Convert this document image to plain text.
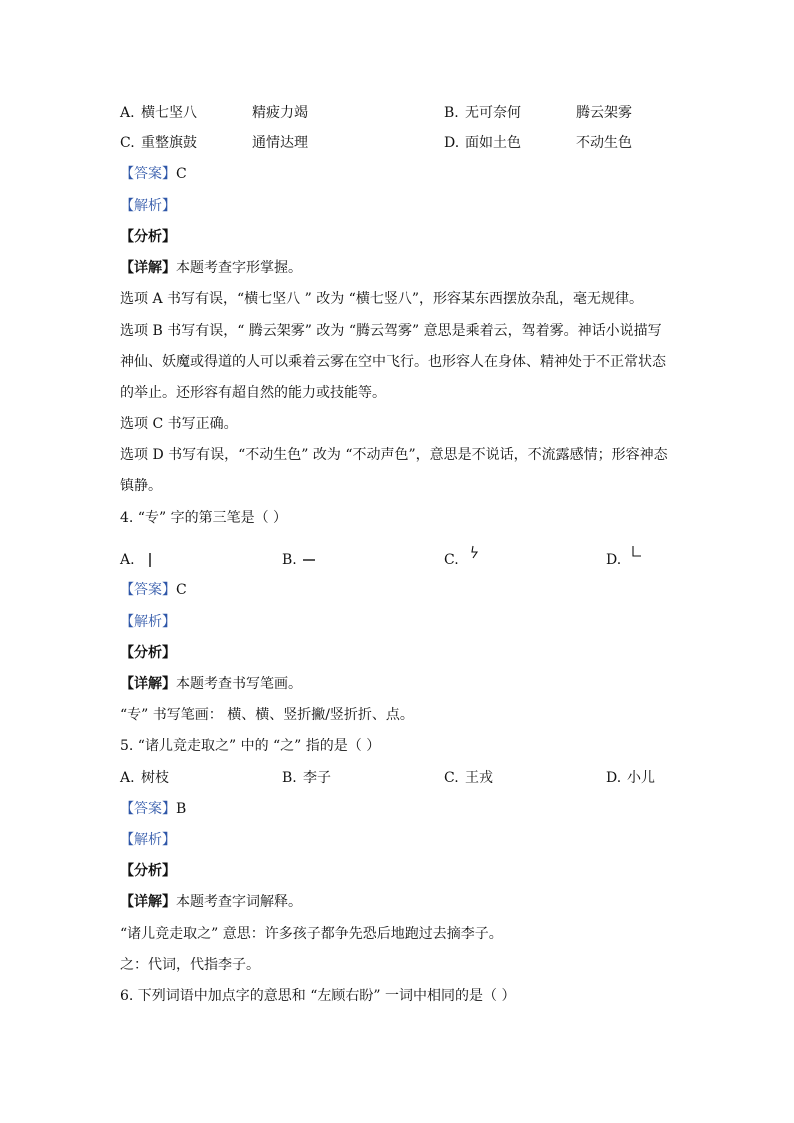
A. 横七坚八	精疲力竭	B. 无可奈何	腾云架雾
C. 重整旗鼓	通情达理	D. 面如土色	不动生色
【答案】C
【解析】
【分析】
【详解】本题考查字形掌握。
选项 A 书写有误，“横七坚八 ” 改为 “横七竖八”，形容某东西摆放杂乱，毫无规律。
选项 B 书写有误，“ 腾云架雾” 改为 “腾云驾雾” 意思是乘着云，驾着雾。神话小说描写
神仙、妖魔或得道的人可以乘着云雾在空中飞行。也形容人在身体、精神处于不正常状态
的举止。还形容有超自然的能力或技能等。
选项 C 书写正确。
选项 D 书写有误，“不动生色” 改为 “不动声色”，意思是不说话，不流露感情；形容神态
镇静。
4. “专” 字的第三笔是（ ）
A.	B.	C.	D.
【答案】C
【解析】
【分析】
【详解】本题考查书写笔画。
“专” 书写笔画： 横、横、竖折撇/竖折折、点。
5. “诸儿竞走取之” 中的 “之” 指的是（ ）
A. 树枝	B. 李子	C. 王戎	D. 小儿
【答案】B
【解析】
【分析】
【详解】本题考查字词解释。
“诸儿竞走取之” 意思：许多孩子都争先恐后地跑过去摘李子。
之：代词，代指李子。
6. 下列词语中加点字的意思和 “左顾右盼” 一词中相同的是（ ）
